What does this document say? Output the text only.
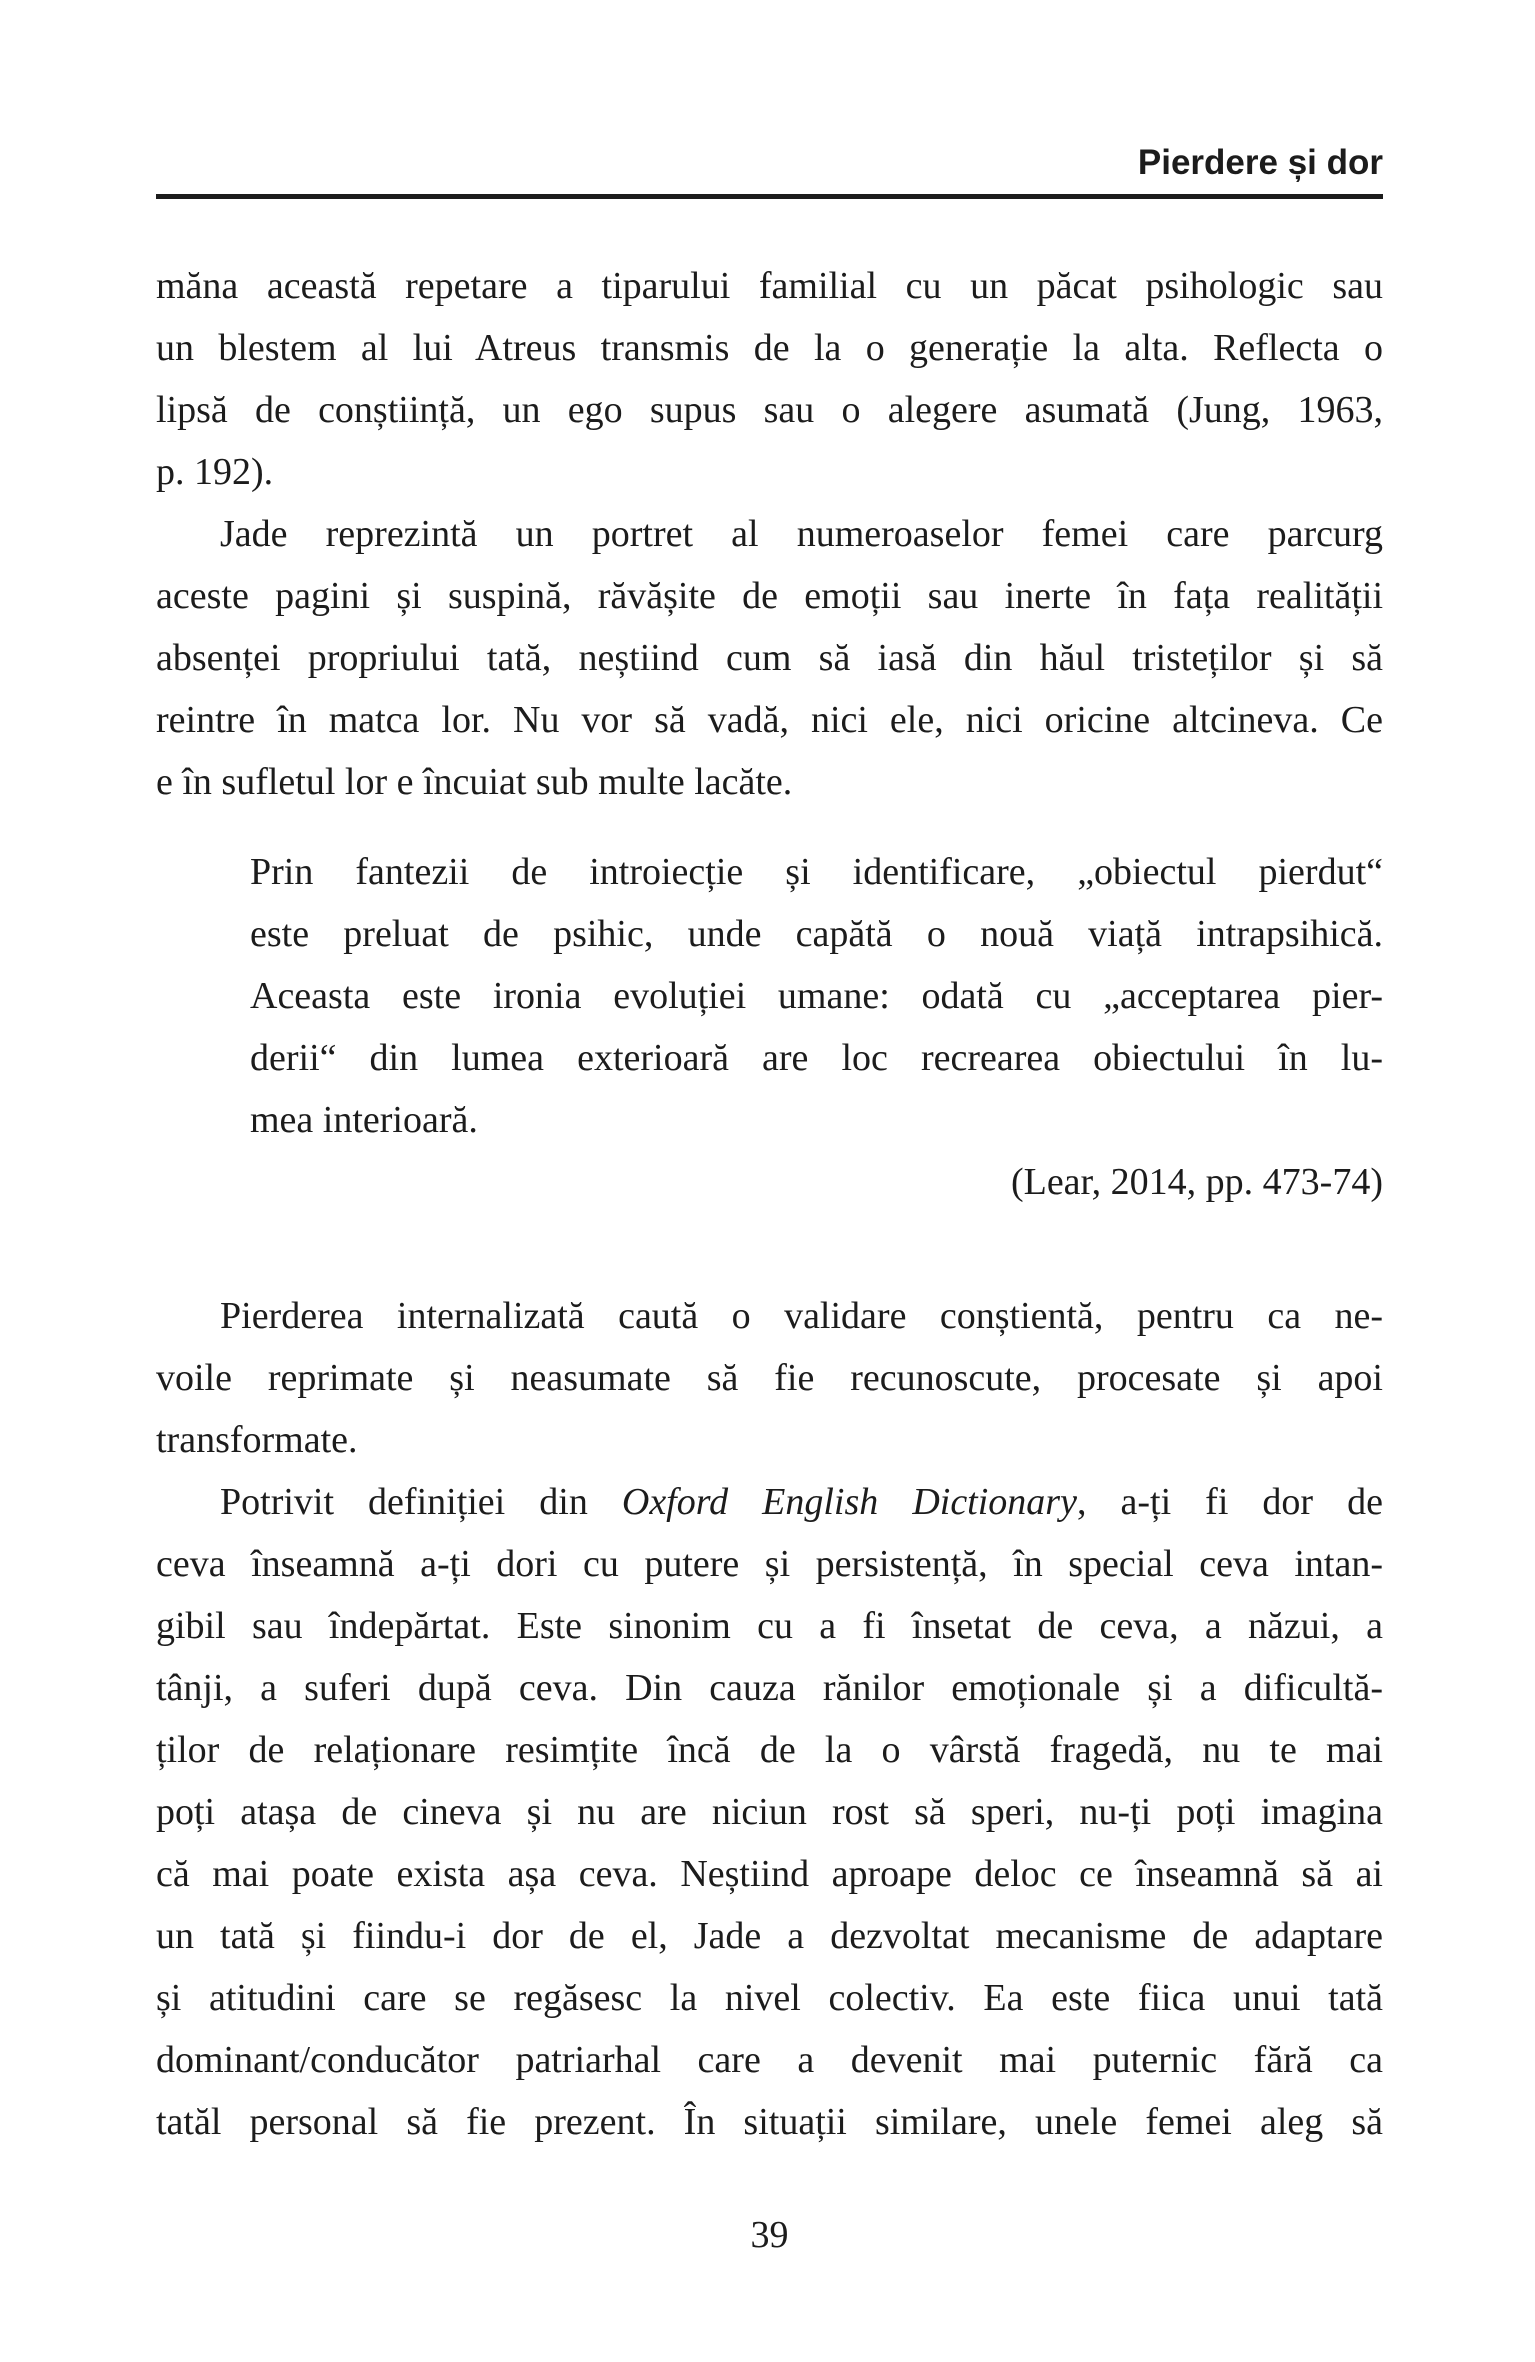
Pierdere și dor
măna această repetare a tiparului familial cu un păcat psihologic sau
un blestem al lui Atreus transmis de la o generație la alta. Reflecta o
lipsă de conștiință, un ego supus sau o alegere asumată (Jung, 1963,
p. 192).
Jade reprezintă un portret al numeroaselor femei care parcurg
aceste pagini și suspină, răvășite de emoții sau inerte în fața realității
absenței propriului tată, neștiind cum să iasă din hăul tristeților și să
reintre în matca lor. Nu vor să vadă, nici ele, nici oricine altcineva. Ce
e în sufletul lor e încuiat sub multe lacăte.
Prin fantezii de introiecție și identificare, „obiectul pierdut“
este preluat de psihic, unde capătă o nouă viață intrapsihică.
Aceasta este ironia evoluției umane: odată cu „acceptarea pier-
derii“ din lumea exterioară are loc recrearea obiectului în lu-
mea interioară.
(Lear, 2014, pp. 473-74)
Pierderea internalizată caută o validare conștientă, pentru ca ne-
voile reprimate și neasumate să fie recunoscute, procesate și apoi
transformate.
Potrivit definiției din Oxford English Dictionary, a-ți fi dor de
ceva înseamnă a-ți dori cu putere și persistență, în special ceva intan-
gibil sau îndepărtat. Este sinonim cu a fi însetat de ceva, a năzui, a
tânji, a suferi după ceva. Din cauza rănilor emoționale și a dificultă-
ților de relaționare resimțite încă de la o vârstă fragedă, nu te mai
poți atașa de cineva și nu are niciun rost să speri, nu-ți poți imagina
că mai poate exista așa ceva. Neștiind aproape deloc ce înseamnă să ai
un tată și fiindu-i dor de el, Jade a dezvoltat mecanisme de adaptare
și atitudini care se regăsesc la nivel colectiv. Ea este fiica unui tată
dominant/conducător patriarhal care a devenit mai puternic fără ca
tatăl personal să fie prezent. În situații similare, unele femei aleg să
39
